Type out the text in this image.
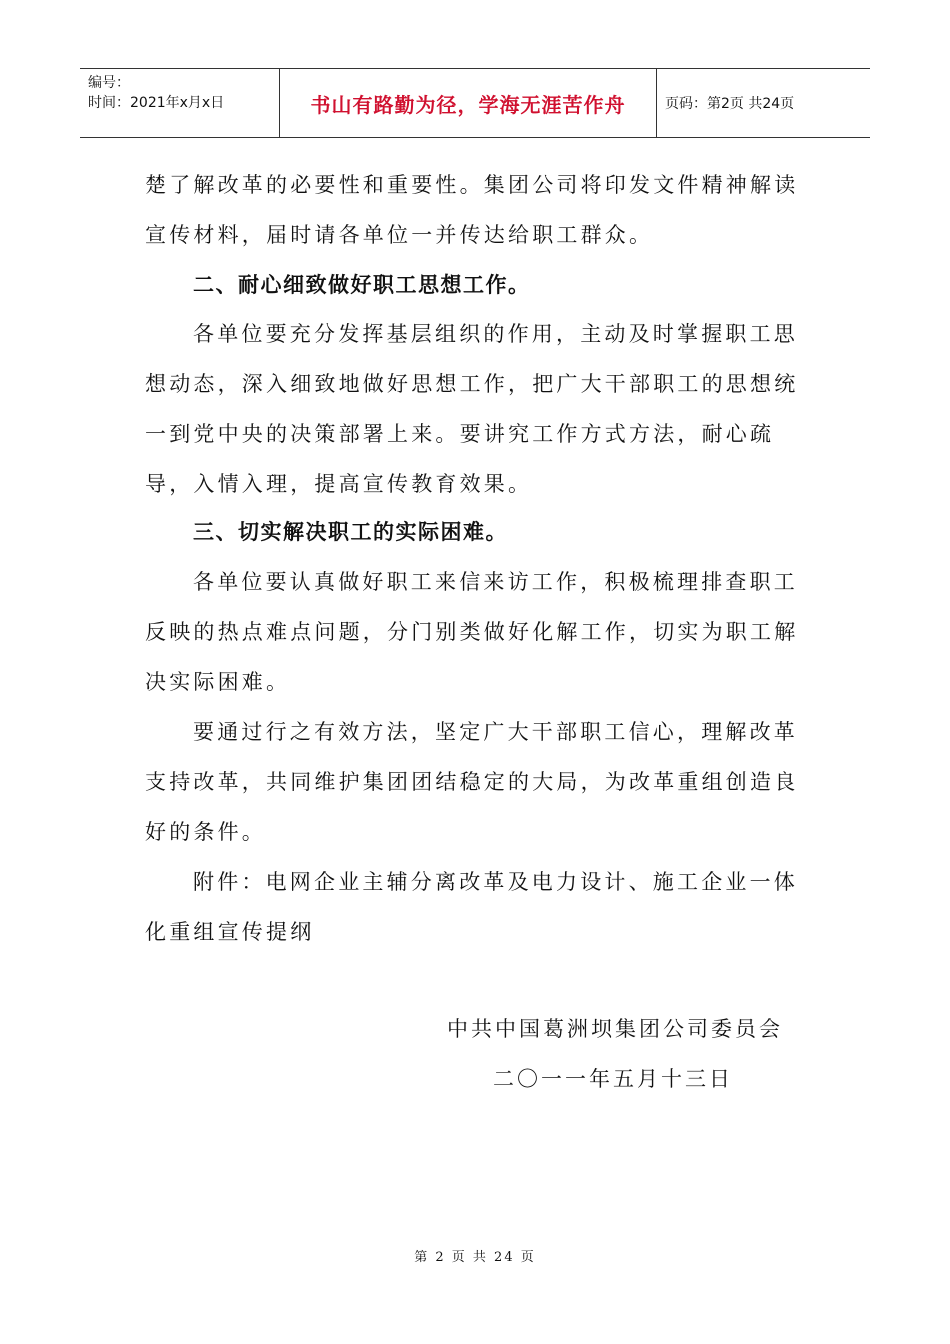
编号：
时间：2021年x月x日	书山有路勤为径，学海无涯苦作舟	页码：第2页 共24页

楚了解改革的必要性和重要性。集团公司将印发文件精神解读宣传材料，届时请各单位一并传达给职工群众。

二、耐心细致做好职工思想工作。

各单位要充分发挥基层组织的作用，主动及时掌握职工思想动态，深入细致地做好思想工作，把广大干部职工的思想统一到党中央的决策部署上来。要讲究工作方式方法，耐心疏导，入情入理，提高宣传教育效果。

三、切实解决职工的实际困难。

各单位要认真做好职工来信来访工作，积极梳理排查职工反映的热点难点问题，分门别类做好化解工作，切实为职工解决实际困难。

要通过行之有效方法，坚定广大干部职工信心，理解改革支持改革，共同维护集团团结稳定的大局，为改革重组创造良好的条件。

附件：电网企业主辅分离改革及电力设计、施工企业一体化重组宣传提纲

中共中国葛洲坝集团公司委员会
二〇一一年五月十三日
第 2 页 共 24 页
